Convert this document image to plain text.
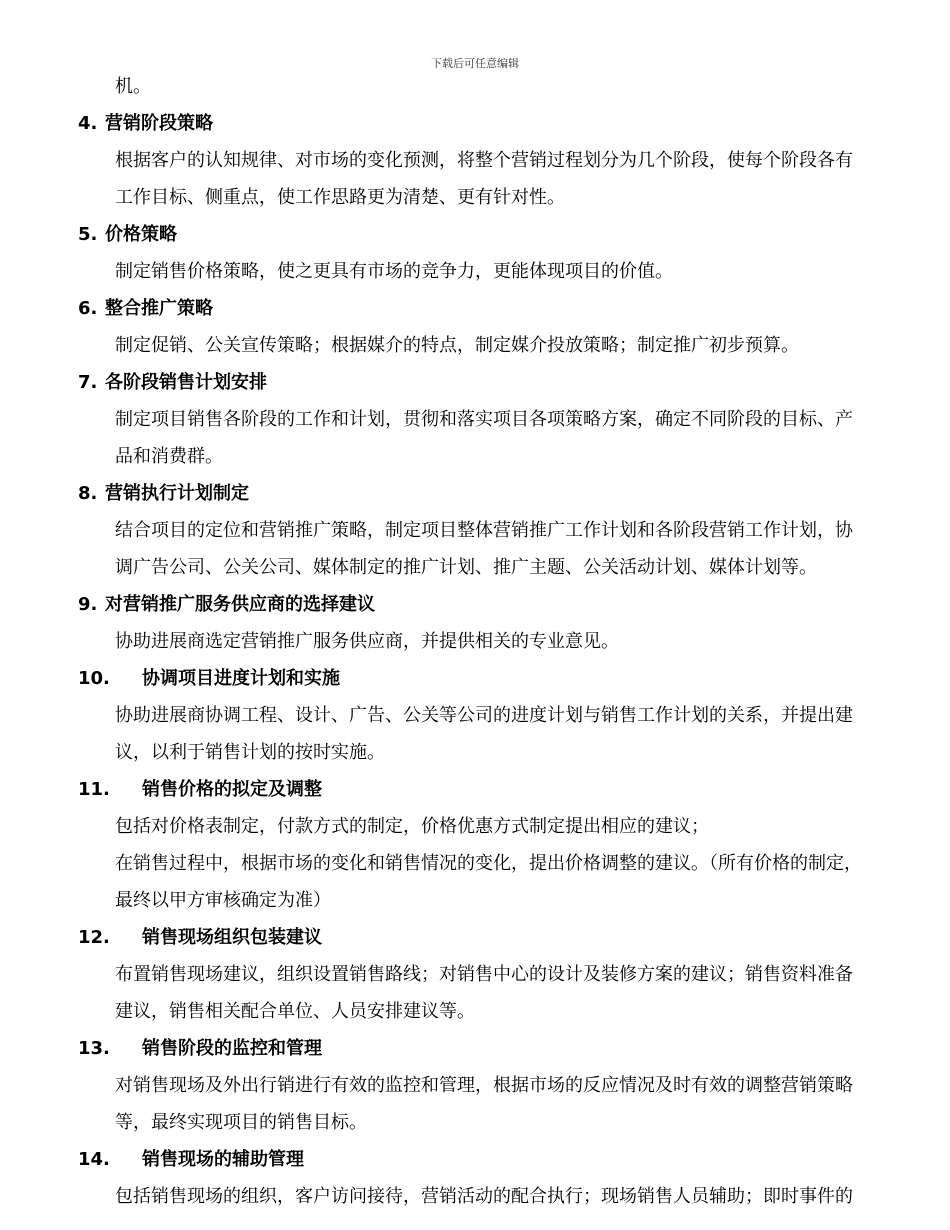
下载后可任意编辑
机。
4. 营销阶段策略
根据客户的认知规律、对市场的变化预测，将整个营销过程划分为几个阶段，使每个阶段各有
工作目标、侧重点，使工作思路更为清楚、更有针对性。
5. 价格策略
制定销售价格策略，使之更具有市场的竞争力，更能体现项目的价值。
6. 整合推广策略
制定促销、公关宣传策略；根据媒介的特点，制定媒介投放策略；制定推广初步预算。
7. 各阶段销售计划安排
制定项目销售各阶段的工作和计划，贯彻和落实项目各项策略方案，确定不同阶段的目标、产
品和消费群。
8. 营销执行计划制定
结合项目的定位和营销推广策略，制定项目整体营销推广工作计划和各阶段营销工作计划，协
调广告公司、公关公司、媒体制定的推广计划、推广主题、公关活动计划、媒体计划等。
9. 对营销推广服务供应商的选择建议
协助进展商选定营销推广服务供应商，并提供相关的专业意见。
10. 协调项目进度计划和实施
协助进展商协调工程、设计、广告、公关等公司的进度计划与销售工作计划的关系，并提出建
议，以利于销售计划的按时实施。
11. 销售价格的拟定及调整
包括对价格表制定，付款方式的制定，价格优惠方式制定提出相应的建议；
在销售过程中，根据市场的变化和销售情况的变化，提出价格调整的建议。（所有价格的制定，
最终以甲方审核确定为准）
12. 销售现场组织包装建议
布置销售现场建议，组织设置销售路线；对销售中心的设计及装修方案的建议；销售资料准备
建议，销售相关配合单位、人员安排建议等。
13. 销售阶段的监控和管理
对销售现场及外出行销进行有效的监控和管理，根据市场的反应情况及时有效的调整营销策略
等，最终实现项目的销售目标。
14. 销售现场的辅助管理
包括销售现场的组织，客户访问接待，营销活动的配合执行；现场销售人员辅助；即时事件的
